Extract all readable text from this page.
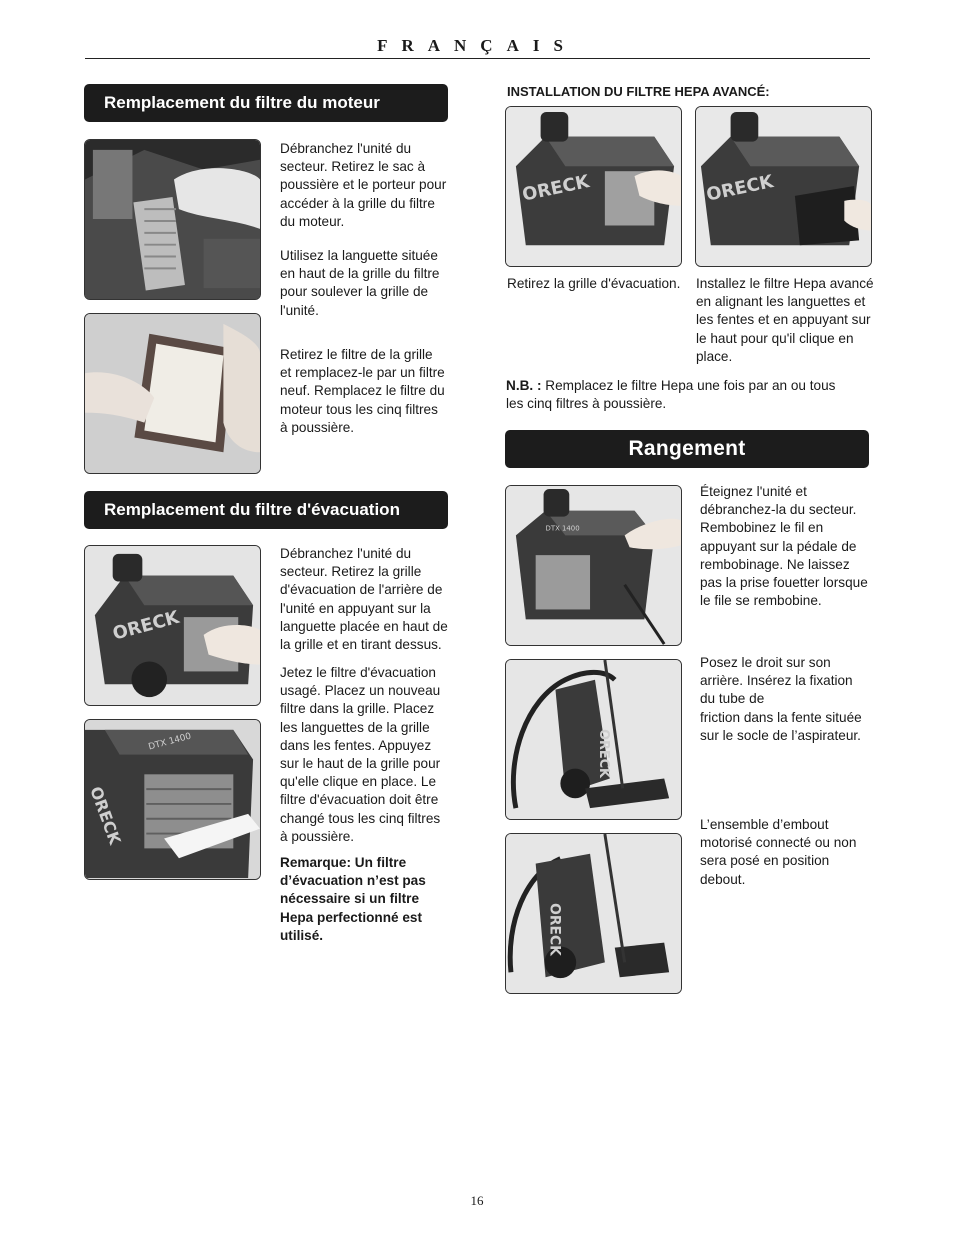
FRANÇAIS
Remplacement du filtre du moteur

Débranchez l'unité du
secteur. Retirez le sac à
poussière et le porteur pour
accéder à la grille du filtre
du moteur.

Utilisez la languette située
en haut de la grille du filtre
pour soulever la grille de
l'unité.

Retirez le filtre de la grille
et remplacez-le par un filtre
neuf. Remplacez le filtre du
moteur tous les cinq filtres
à poussière.

Remplacement du filtre d'évacuation
ORECK

Débranchez l'unité du
secteur. Retirez la grille
d'évacuation de l'arrière de
l'unité en appuyant sur la
languette placée en haut de
la grille et en tirant dessus.

Jetez le filtre d'évacuation
usagé. Placez un nouveau
filtre dans la grille. Placez
les languettes de la grille
dans les fentes. Appuyez
sur le haut de la grille pour
qu'elle clique en place. Le
filtre d'évacuation doit être
changé tous les cinq filtres
à poussière.

ORECK
DTX 1400

Remarque: Un filtre
d’évacuation n’est pas
nécessaire si un filtre
Hepa perfectionné est
utilisé.

INSTALLATION DU FILTRE HEPA AVANCÉ:
ORECK	ORECK

Retirez la grille d'évacuation.	Installez le filtre Hepa avancé
en alignant les languettes et
les fentes et en appuyant sur
le haut pour qu'il clique en
place.

N.B. : Remplacez le filtre Hepa une fois par an ou tous
les cinq filtres à poussière.

Rangement
DTX 1400

Éteignez l'unité et
débranchez-la du secteur.
Rembobinez le fil en
appuyant sur la pédale de
rembobinage. Ne laissez
pas la prise fouetter lorsque
le file se rembobine.

ORECK

Posez le droit sur son
arrière. Insérez la fixation
du tube de
friction dans la fente située
sur le socle de l’aspirateur.

L’ensemble d’embout
motorisé connecté ou non
sera posé en position
debout.

ORECK
16
